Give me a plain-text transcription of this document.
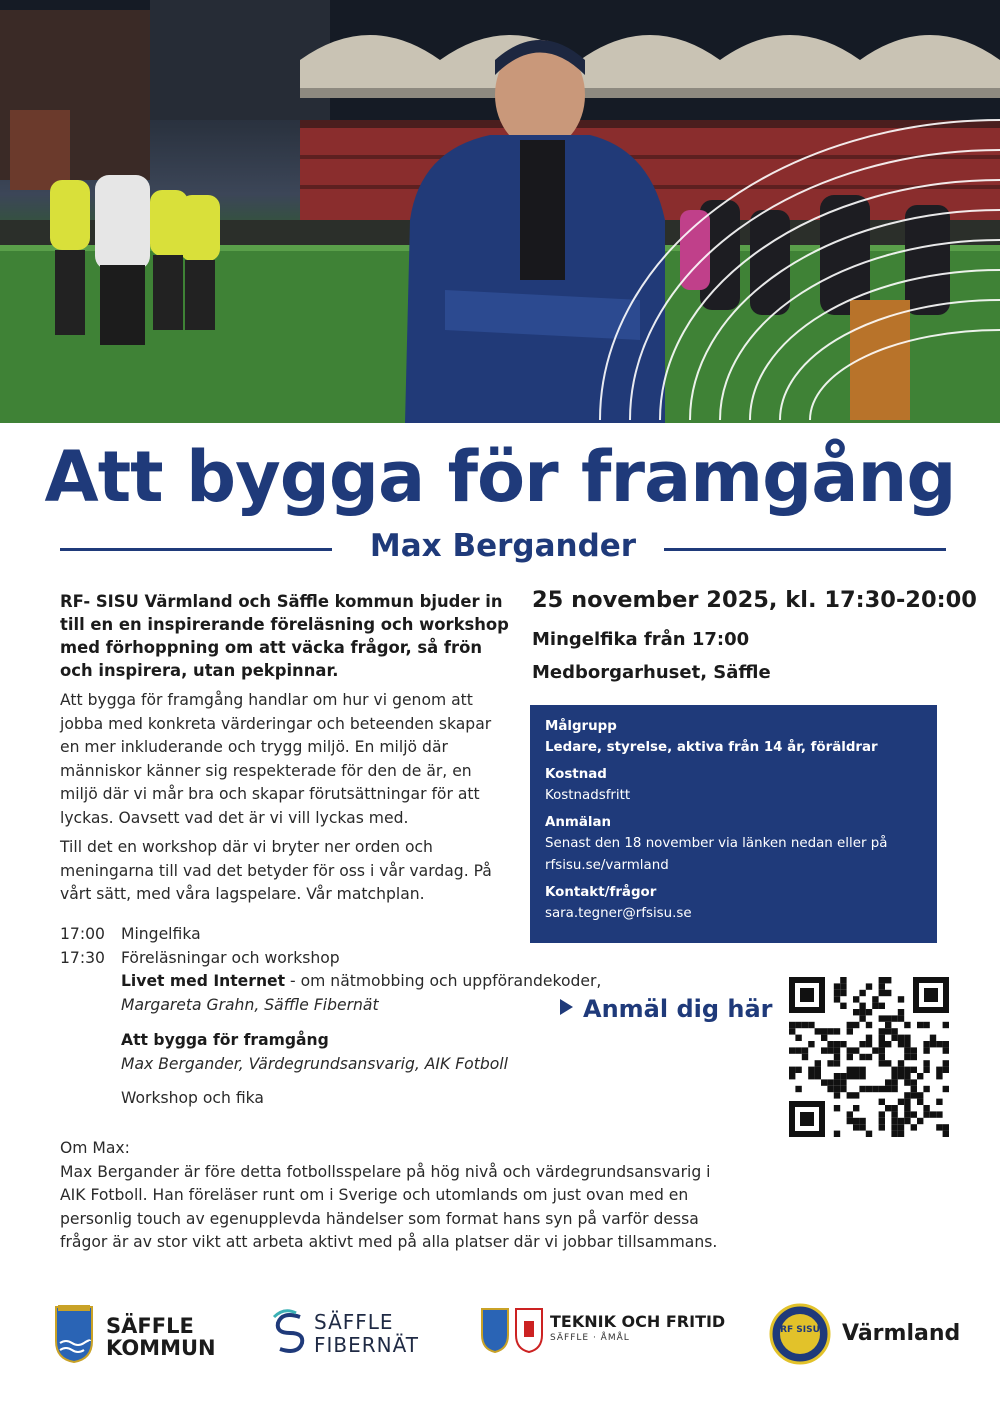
Att bygga för framgång
Max Bergander

RF- SISU Värmland och Säffle kommun bjuder in till en en inspirerande föreläsning och workshop med förhoppning om att väcka frågor, så frön och inspirera, utan pekpinnar.

Att bygga för framgång handlar om hur vi genom att jobba med konkreta värderingar och beteenden skapar en mer inkluderande och trygg miljö. En miljö där människor känner sig respekterade för den de är, en miljö där vi mår bra och skapar förutsättningar för att lyckas. Oavsett vad det är vi vill lyckas med.

Till det en workshop där vi bryter ner orden och meningarna till vad det betyder för oss i vår vardag. På vårt sätt, med våra lagspelare. Vår matchplan.

17:00 Mingelfika
17:30 Föreläsningar och workshop
Livet med Internet - om nätmobbing och uppförandekoder,
Margareta Grahn, Säffle Fibernät
Att bygga för framgång
Max Bergander, Värdegrundsansvarig, AIK Fotboll
Workshop och fika
Om Max:
Max Bergander är före detta fotbollsspelare på hög nivå och värdegrundsansvarig i AIK Fotboll. Han föreläser runt om i Sverige och utomlands om just ovan med en personlig touch av egenupplevda händelser som format hans syn på varför dessa frågor är av stor vikt att arbeta aktivt med på alla platser där vi jobbar tillsammans.
25 november 2025, kl. 17:30-20:00
Mingelfika från 17:00
Medborgarhuset, Säffle
Målgrupp
Ledare, styrelse, aktiva från 14 år, föräldrar
Kostnad
Kostnadsfritt
Anmälan
Senast den 18 november via länken nedan eller på
rfsisu.se/varmland
Kontakt/frågor
sara.tegner@rfsisu.se
Anmäl dig här
SÄFFLE
KOMMUN
SÄFFLE
FIBERNÄT
TEKNIK OCH FRITID
SÄFFLE · ÅMÅL
RF SISU Värmland
